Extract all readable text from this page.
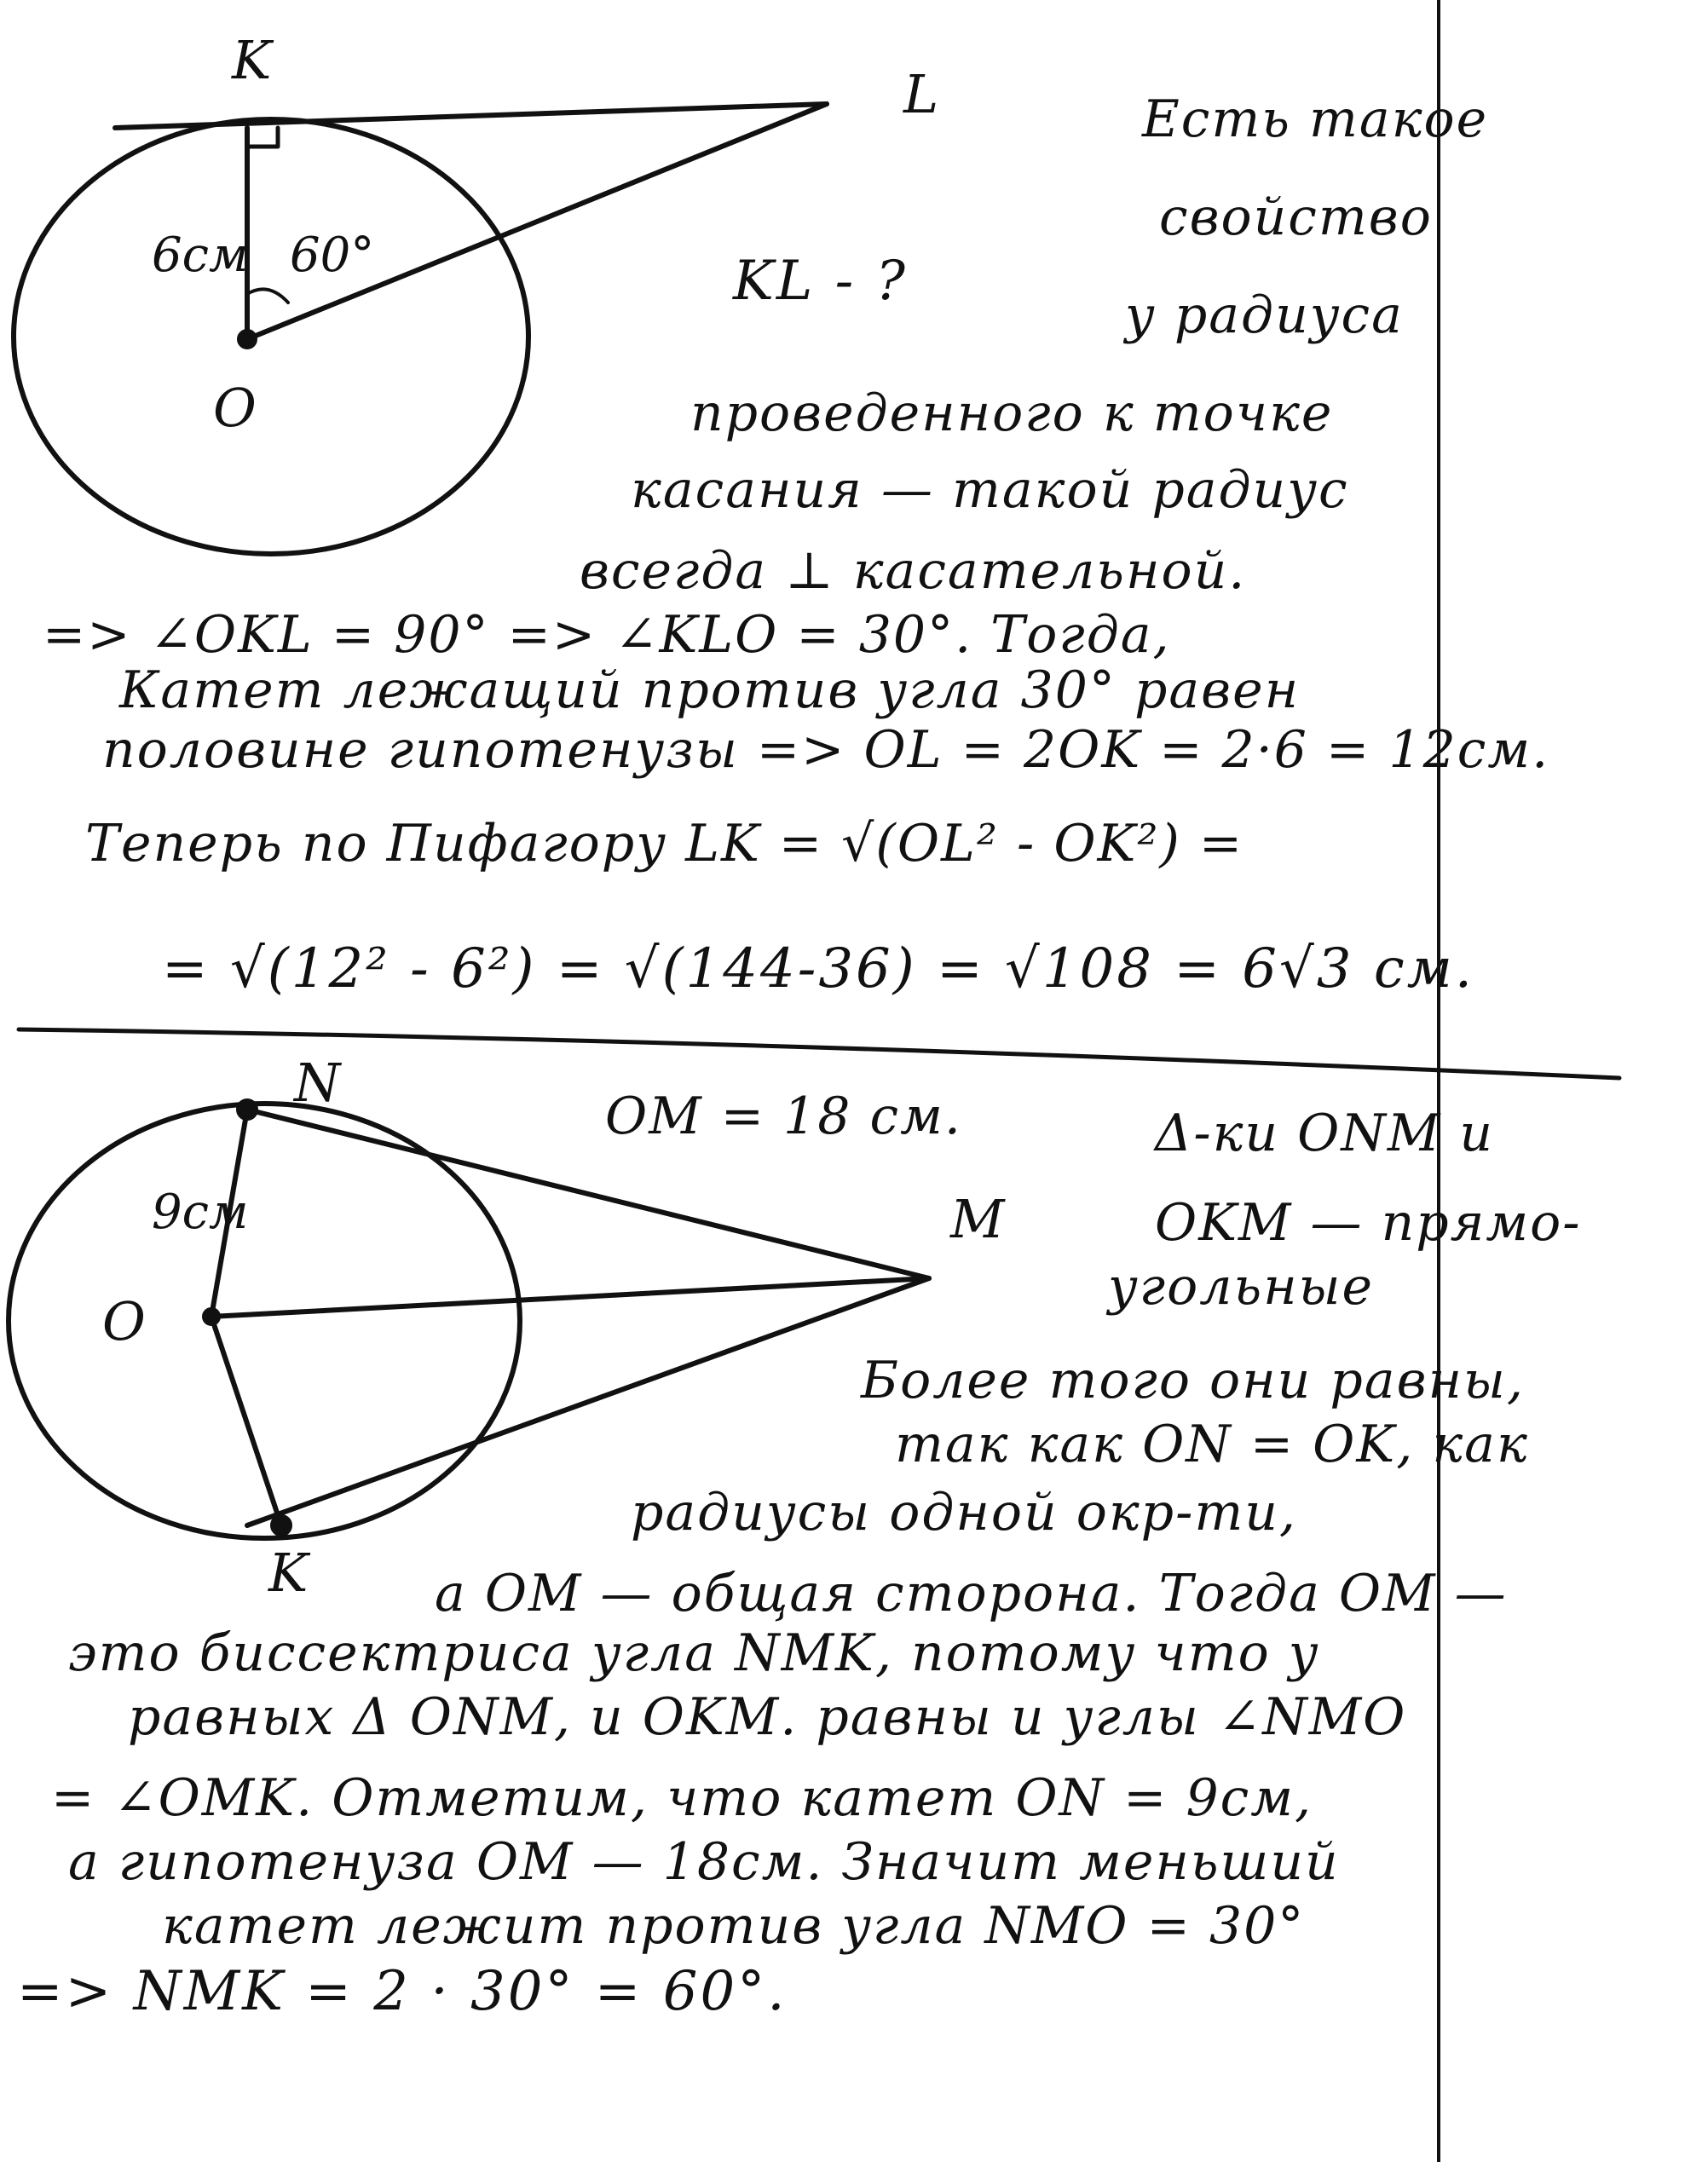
K
L
O
6см 60°	KL - ?
Есть такое
свойство
у радиуса
проведенного к точке
касания — такой радиус
всегда ⊥ касательной.
=> ∠OKL = 90° => ∠KLO = 30°. Тогда,
Катет лежащий против угла 30° равен
половине гипотенузы => OL = 2OK = 2·6 = 12см.
Теперь по Пифагору LK = √(OL² - OK²) =
= √(12² - 6²) = √(144-36) = √108 = 6√3 см.
N
M
O
K
9см
OM = 18 см.	Δ-ки ONM и
OKM — прямо-
угольные
Более того они равны,
так как ON = OK, как
радиусы одной окр-ти,
а OM — общая сторона. Тогда OM —
это биссектриса угла NMK, потому что у
равных Δ ONM, и OKM. равны и углы ∠NMO
= ∠OMK. Отметим, что катет ON = 9см,
а гипотенуза OM — 18см. Значит меньший
катет лежит против угла NMO = 30°
=> NMK = 2 · 30° = 60°.
